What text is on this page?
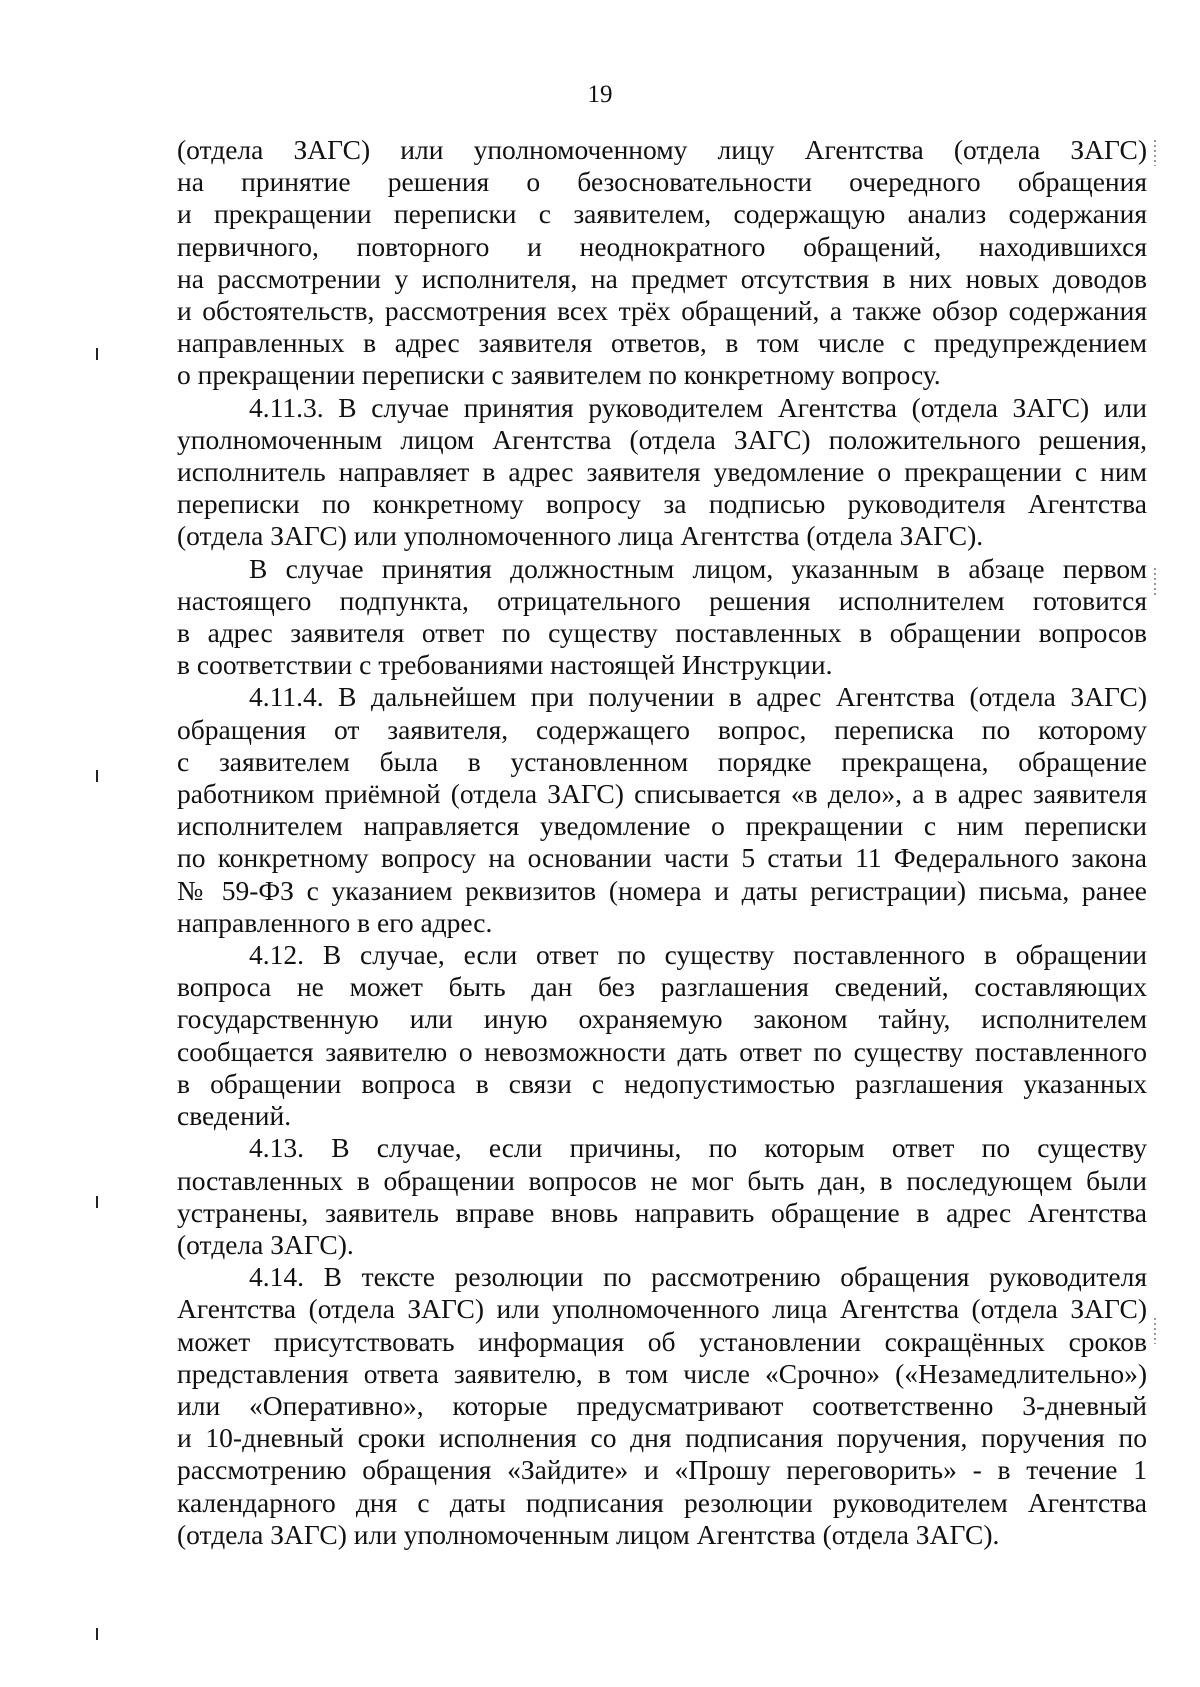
19
(отдела ЗАГС) или уполномоченному лицу Агентства (отдела ЗАГС)
на принятие решения о безосновательности очередного обращения
и прекращении переписки с заявителем, содержащую анализ содержания
первичного, повторного и неоднократного обращений, находившихся
на рассмотрении у исполнителя, на предмет отсутствия в них новых доводов
и обстоятельств, рассмотрения всех трёх обращений, а также обзор содержания
направленных в адрес заявителя ответов, в том числе с предупреждением
о прекращении переписки с заявителем по конкретному вопросу.
4.11.3. В случае принятия руководителем Агентства (отдела ЗАГС) или
уполномоченным лицом Агентства (отдела ЗАГС) положительного решения,
исполнитель направляет в адрес заявителя уведомление о прекращении с ним
переписки по конкретному вопросу за подписью руководителя Агентства
(отдела ЗАГС) или уполномоченного лица Агентства (отдела ЗАГС).
В случае принятия должностным лицом, указанным в абзаце первом
настоящего подпункта, отрицательного решения исполнителем готовится
в адрес заявителя ответ по существу поставленных в обращении вопросов
в соответствии с требованиями настоящей Инструкции.
4.11.4. В дальнейшем при получении в адрес Агентства (отдела ЗАГС)
обращения от заявителя, содержащего вопрос, переписка по которому
с заявителем была в установленном порядке прекращена, обращение
работником приёмной (отдела ЗАГС) списывается «в дело», а в адрес заявителя
исполнителем направляется уведомление о прекращении с ним переписки
по конкретному вопросу на основании части 5 статьи 11 Федерального закона
№ 59-ФЗ с указанием реквизитов (номера и даты регистрации) письма, ранее
направленного в его адрес.
4.12. В случае, если ответ по существу поставленного в обращении
вопроса не может быть дан без разглашения сведений, составляющих
государственную или иную охраняемую законом тайну, исполнителем
сообщается заявителю о невозможности дать ответ по существу поставленного
в обращении вопроса в связи с недопустимостью разглашения указанных
сведений.
4.13. В случае, если причины, по которым ответ по существу
поставленных в обращении вопросов не мог быть дан, в последующем были
устранены, заявитель вправе вновь направить обращение в адрес Агентства
(отдела ЗАГС).
4.14. В тексте резолюции по рассмотрению обращения руководителя
Агентства (отдела ЗАГС) или уполномоченного лица Агентства (отдела ЗАГС)
может присутствовать информация об установлении сокращённых сроков
представления ответа заявителю, в том числе «Срочно» («Незамедлительно»)
или «Оперативно», которые предусматривают соответственно 3-дневный
и 10-дневный сроки исполнения со дня подписания поручения, поручения по
рассмотрению обращения «Зайдите» и «Прошу переговорить» - в течение 1
календарного дня с даты подписания резолюции руководителем Агентства
(отдела ЗАГС) или уполномоченным лицом Агентства (отдела ЗАГС).
